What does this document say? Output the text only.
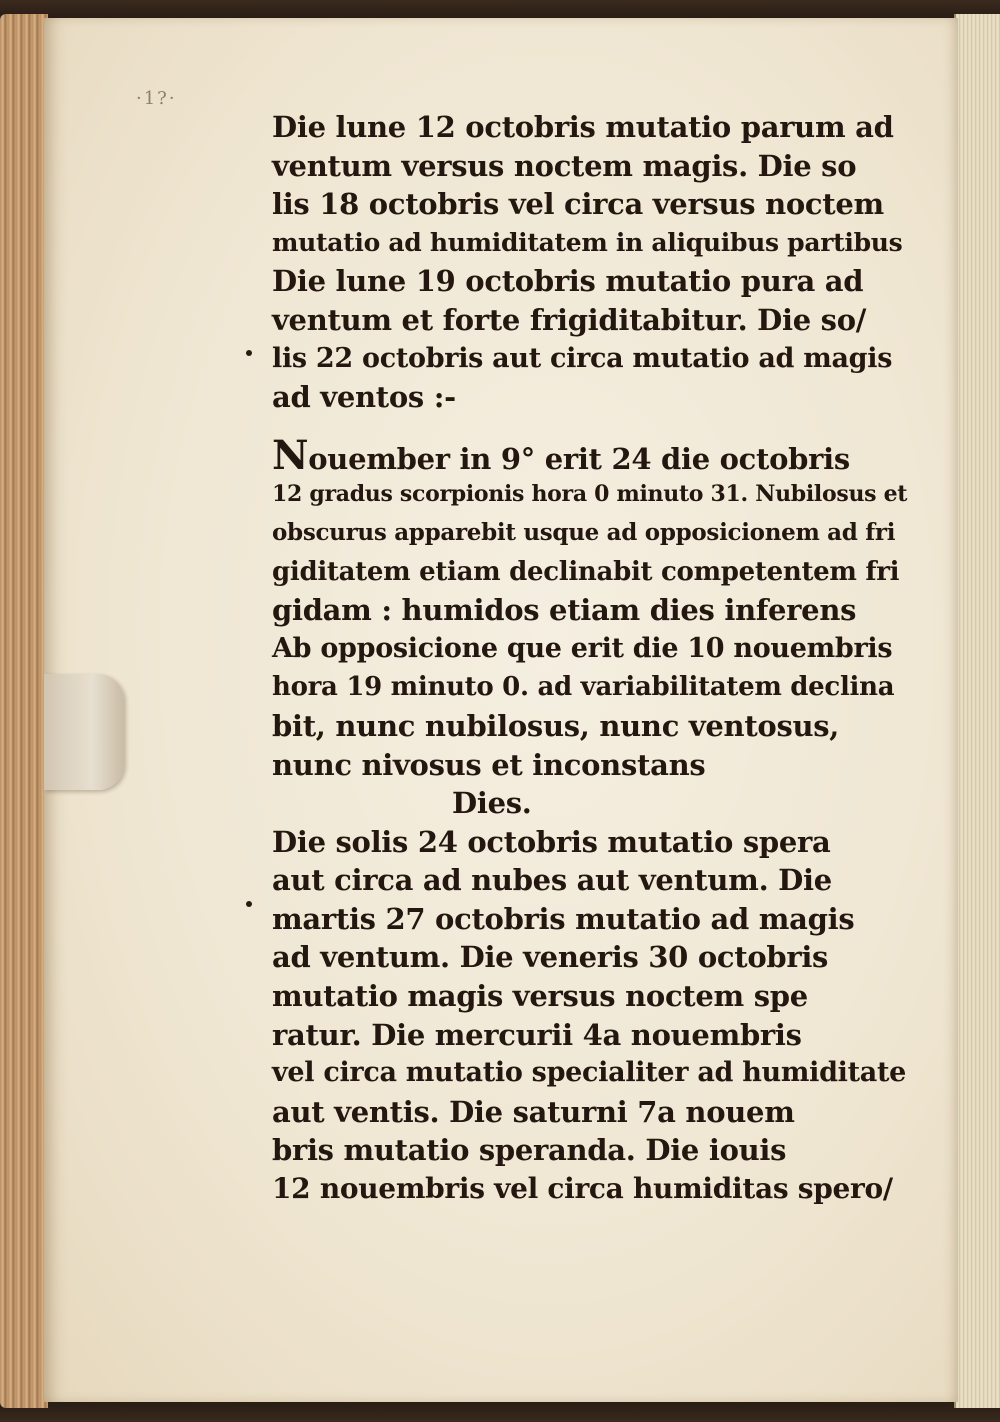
·1?·
Die lune 12 octobris mutatio parum ad
ventum versus noctem magis. Die so
lis 18 octobris vel circa versus noctem
mutatio ad humiditatem in aliquibus partibus
Die lune 19 octobris mutatio pura ad
ventum et forte frigiditabitur. Die so/
lis 22 octobris aut circa mutatio ad magis
ad ventos :-
Nouember in 9° erit 24 die octobris
12 gradus scorpionis hora 0 minuto 31. Nubilosus et
obscurus apparebit usque ad opposicionem ad fri
giditatem etiam declinabit competentem fri
gidam : humidos etiam dies inferens
Ab opposicione que erit die 10 nouembris
hora 19 minuto 0. ad variabilitatem declina
bit, nunc nubilosus, nunc ventosus,
nunc nivosus et inconstans
Dies.
Die solis 24 octobris mutatio spera
aut circa ad nubes aut ventum. Die
martis 27 octobris mutatio ad magis
ad ventum. Die veneris 30 octobris
mutatio magis versus noctem spe
ratur. Die mercurii 4a nouembris
vel circa mutatio specialiter ad humiditate
aut ventis. Die saturni 7a nouem
bris mutatio speranda. Die iouis
12 nouembris vel circa humiditas spero/
